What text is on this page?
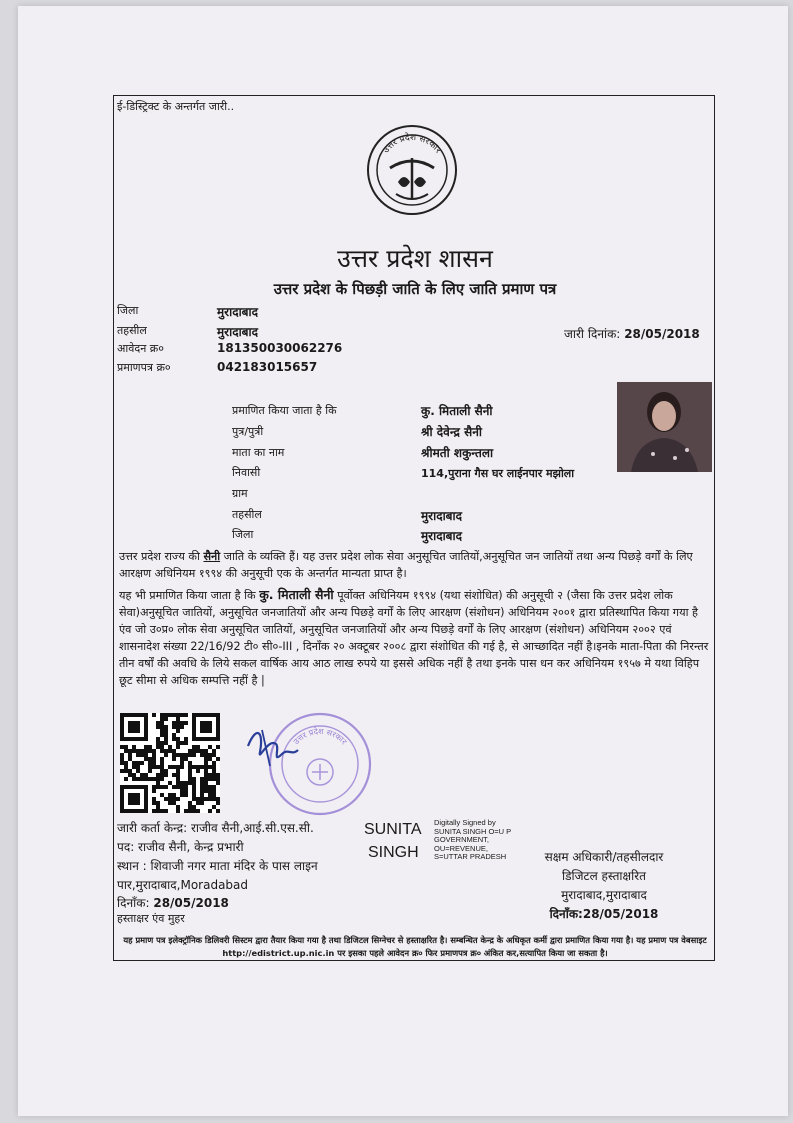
ई-डिस्ट्रिक्ट के अन्तर्गत जारी..
उत्तर प्रदेश सरकार
उत्तर प्रदेश शासन
उत्तर प्रदेश के पिछड़ी जाति के लिए जाति प्रमाण पत्र
जिला	मुरादाबाद
तहसील	मुरादाबाद
आवेदन क्र०	181350030062276
प्रमाणपत्र क्र०	042183015657
जारी दिनांक: 28/05/2018
प्रमाणित किया जाता है कि	कु. मिताली सैनी
पुत्र/पुत्री	श्री देवेन्द्र सैनी
माता का नाम	श्रीमती शकुन्तला
निवासी	114,पुराना गैस घर लाईनपार मझोला
ग्राम
तहसील	मुरादाबाद
जिला	मुरादाबाद
उत्तर प्रदेश राज्य की सैनी जाति के व्यक्ति हैं। यह उत्तर प्रदेश लोक सेवा अनुसूचित जातियों,अनुसूचित जन जातियों तथा अन्य पिछड़े वर्गों के लिए आरक्षण अधिनियम १९९४ की अनुसूची एक के अन्तर्गत मान्यता प्राप्त है।
यह भी प्रमाणित किया जाता है कि कु. मिताली सैनी पूर्वोक्त अधिनियम १९९४ (यथा संशोधित) की अनुसूची २ (जैसा कि उत्तर प्रदेश लोक सेवा)अनुसूचित जातियों, अनुसूचित जनजातियों और अन्य पिछड़े वर्गों के लिए आरक्षण (संशोधन) अधिनियम २००१ द्वारा प्रतिस्थापित किया गया है एंव जो उ०प्र० लोक सेवा अनुसूचित जातियों, अनुसूचित जनजातियों और अन्य पिछड़े वर्गों के लिए आरक्षण (संशोधन) अधिनियम २००२ एवं शासनादेश संख्या 22/16/92 टी० सी०-III , दिनाँक २० अक्टूबर २००८ द्वारा संशोधित की गई है, से आच्छादित नहीं है।इनके माता-पिता की निरन्तर तीन वर्षों की अवधि के लिये सकल वार्षिक आय आठ लाख रुपये या इससे अधिक नहीं है तथा इनके पास धन कर अधिनियम १९५७ मे यथा विहिप छूट सीमा से अधिक सम्पत्ति नहीं है |
उत्तर प्रदेश सरकार
जारी कर्ता केन्द्र: राजीव सैनी,आई.सी.एस.सी.
पद: राजीव सैनी, केन्द्र प्रभारी
स्थान : शिवाजी नगर माता मंदिर के पास लाइन
पार,मुरादाबाद,Moradabad
दिनाँक: 28/05/2018
हस्ताक्षर एंव मुहर
SUNITA
SINGH
Digitally Signed by
SUNITA SINGH O=U P
GOVERNMENT,
OU=REVENUE,
S=UTTAR PRADESH	सक्षम अधिकारी/तहसीलदार
डिजिटल हस्ताक्षरित
मुरादाबाद,मुरादाबाद
दिनाँक:28/05/2018
यह प्रमाण पत्र इलेक्ट्रॉनिक डिलिवरी सिस्टम द्वारा तैयार किया गया है तथा डिजिटल सिग्नेचर से हस्ताक्षरित है। सम्बन्धित केन्द्र के अधिकृत कर्मी द्वारा प्रमाणित किया गया है। यह प्रमाण पत्र वेबसाइट http://edistrict.up.nic.in पर इसका पहले आवेदन क्र० फिर प्रमाणपत्र क्र० अंकित कर,सत्यापित किया जा सकता है।
